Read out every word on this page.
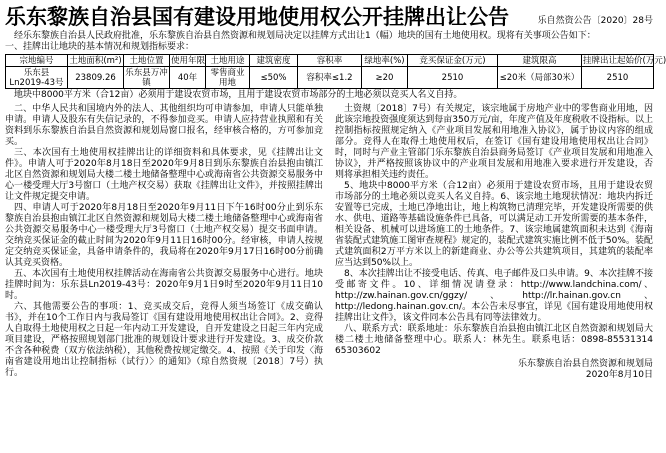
乐东黎族自治县国有建设用地使用权公开挂牌出让公告	乐自然资公告〔2020〕28号
经乐东黎族自治县人民政府批准，乐东黎族自治县自然资源和规划局决定以挂牌方式出让1（幅）地块的国有土地使用权。现将有关事项公告如下：
一、挂牌出让地块的基本情况和规划指标要求：
宗地编号	土地面积(m²)	土地位置	使用年限	土地用途	建筑密度	容积率	绿地率(%)	竞买保证金(万元)	建筑限高	挂牌出让起始价(万元)
乐东县Ln2019-43号	23809.26	乐东县万冲镇	40年	零售商业用地	≤50%	容积率≤1.2	≥20	2510	≤20米（局部30米）	2510
地块中8000平方米（合12亩）必须用于建设农贸市场，且用于建设农贸市场部分的土地必须以竞买人名义自持。

二、中华人民共和国境内外的法人、其他组织均可申请参加，申请人只能单独申请。申请人及股东有失信记录的，不得参加竞买。申请人应持营业执照和有关资料到乐东黎族自治县自然资源和规划局窗口报名，经审核合格的，方可参加竞买。

三、本次国有土地使用权挂牌出让的详细资料和具体要求，见《挂牌出让文件》。申请人可于2020年8月18日至2020年9月8日到乐东黎族自治县抱由镇江北区自然资源和规划局大楼二楼土地储备整理中心或海南省公共资源交易服务中心一楼受理大厅3号窗口（土地产权交易）获取《挂牌出让文件》，并按照挂牌出让文件规定提交申请。

四、申请人可于2020年8月18日至2020年9月11日下午16时00分止到乐东黎族自治县抱由镇江北区自然资源和规划局大楼二楼土地储备整理中心或海南省公共资源交易服务中心一楼受理大厅3号窗口（土地产权交易）提交书面申请。交纳竞买保证金的截止时间为2020年9月11日16时00分。经审核，申请人按规定交纳竞买保证金，具备申请条件的，我局将在2020年9月17日16时00分前确认其竞买资格。

五、本次国有土地使用权挂牌活动在海南省公共资源交易服务中心进行。地块挂牌时间为：乐东县Ln2019-43号：2020年9月1日9时至2020年9月11日10时。

六、其他需要公告的事项：1、竞买成交后，竞得人须当场签订《成交确认书》，并在10个工作日内与我局签订《国有建设用地使用权出让合同》。2、竞得人自取得土地使用权之日起一年内动工开发建设，自开发建设之日起三年内完成项目建设，严格按照规划部门批准的规划设计要求进行开发建设。3、成交价款不含各种税费（双方依法纳税），其他税费按规定缴交。4、按照《关于印发〈海南省建设用地出让控制指标（试行）〉的通知》（琼自然资规〔2018〕7号）执行。

土资规〔2018〕7号）有关规定，该宗地属于房地产业中的零售商业用地，因此该宗地投资强度须达到每亩350万元/亩，年度产值及年度税收不设指标。以上控制指标按照规定纳入《产业项目发展和用地准入协议》，属于协议内容的组成部分。竞得人在取得土地使用权后，在签订《国有建设用地使用权出让合同》时，同时与产业主管部门乐东黎族自治县商务局签订《产业项目发展和用地准入协议》，并严格按照该协议中的产业项目发展和用地准入要求进行开发建设，否则将承担相关违约责任。

5、地块中8000平方米（合12亩）必须用于建设农贸市场，且用于建设农贸市场部分的土地必须以竞买人名义自持。6、该宗地土地现状情况：地块内拆迁安置等已完成，土地已净地出让，地上构筑物已清理完毕，开发建设所需要的供水、供电、道路等基础设施条件已具备，可以满足动工开发所需要的基本条件，相关设备、机械可以进场施工的土地条件。7、该宗地属建筑面积未达到《海南省装配式建筑施工图审查规程》规定的，装配式建筑实施比例不低于50%。装配式建筑面积2万平方米以上的新建商业、办公等公共建筑项目，其建筑的装配率应当达到50%以上。

8、本次挂牌出让不接受电话、传真、电子邮件及口头申请。9、本次挂牌不接受邮寄文件。10、详细情况请登录：http://www.landchina.com/、http://zw.hainan.gov.cn/ggzy/、http://lr.hainan.gov.cn、http://ledong.hainan.gov.cn/。本公告未尽事宜，详见《国有建设用地使用权挂牌出让文件》，该文件同本公告具有同等法律效力。

八、联系方式：联系地址：乐东黎族自治县抱由镇江北区自然资源和规划局大楼二楼土地储备整理中心。联系人：林先生。联系电话：0898-85531314 65303602

乐东黎族自治县自然资源和规划局
2020年8月10日
